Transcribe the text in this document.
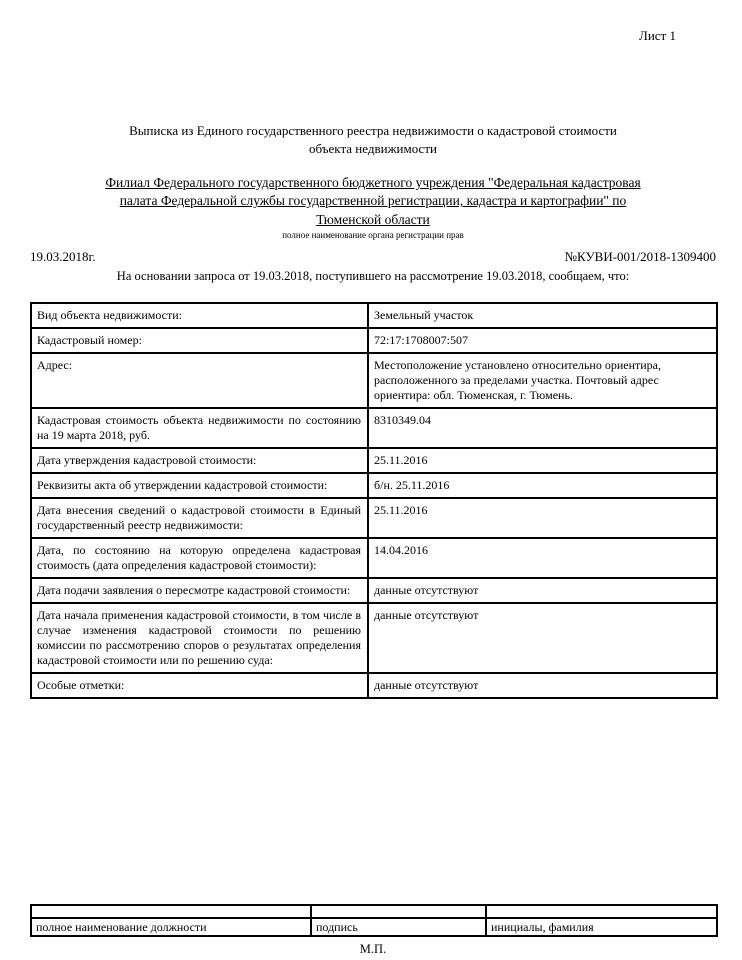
Лист 1
Выписка из Единого государственного реестра недвижимости о кадастровой стоимости
объекта недвижимости
Филиал Федерального государственного бюджетного учреждения "Федеральная кадастровая палата Федеральной службы государственной регистрации, кадастра и картографии" по Тюменской области
полное наименование органа регистрации прав
19.03.2018г.	№КУВИ-001/2018-1309400
На основании запроса от 19.03.2018, поступившего на рассмотрение 19.03.2018, сообщаем, что:
Вид объекта недвижимости:	Земельный участок
Кадастровый номер:	72:17:1708007:507
Адрес:	Местоположение установлено относительно ориентира, расположенного за пределами участка. Почтовый адрес ориентира: обл. Тюменская, г. Тюмень.
Кадастровая стоимость объекта недвижимости по состоянию на 19 марта 2018, руб.	8310349.04
Дата утверждения кадастровой стоимости:	25.11.2016
Реквизиты акта об утверждении кадастровой стоимости:	б/н. 25.11.2016
Дата внесения сведений о кадастровой стоимости в Единый государственный реестр недвижимости:	25.11.2016
Дата, по состоянию на которую определена кадастровая стоимость (дата определения кадастровой стоимости):	14.04.2016
Дата подачи заявления о пересмотре кадастровой стоимости:	данные отсутствуют
Дата начала применения кадастровой стоимости, в том числе в случае изменения кадастровой стоимости по решению комиссии по рассмотрению споров о результатах определения кадастровой стоимости или по решению суда:	данные отсутствуют
Особые отметки:	данные отсутствуют

полное наименование должности	подпись	инициалы, фамилия
М.П.
